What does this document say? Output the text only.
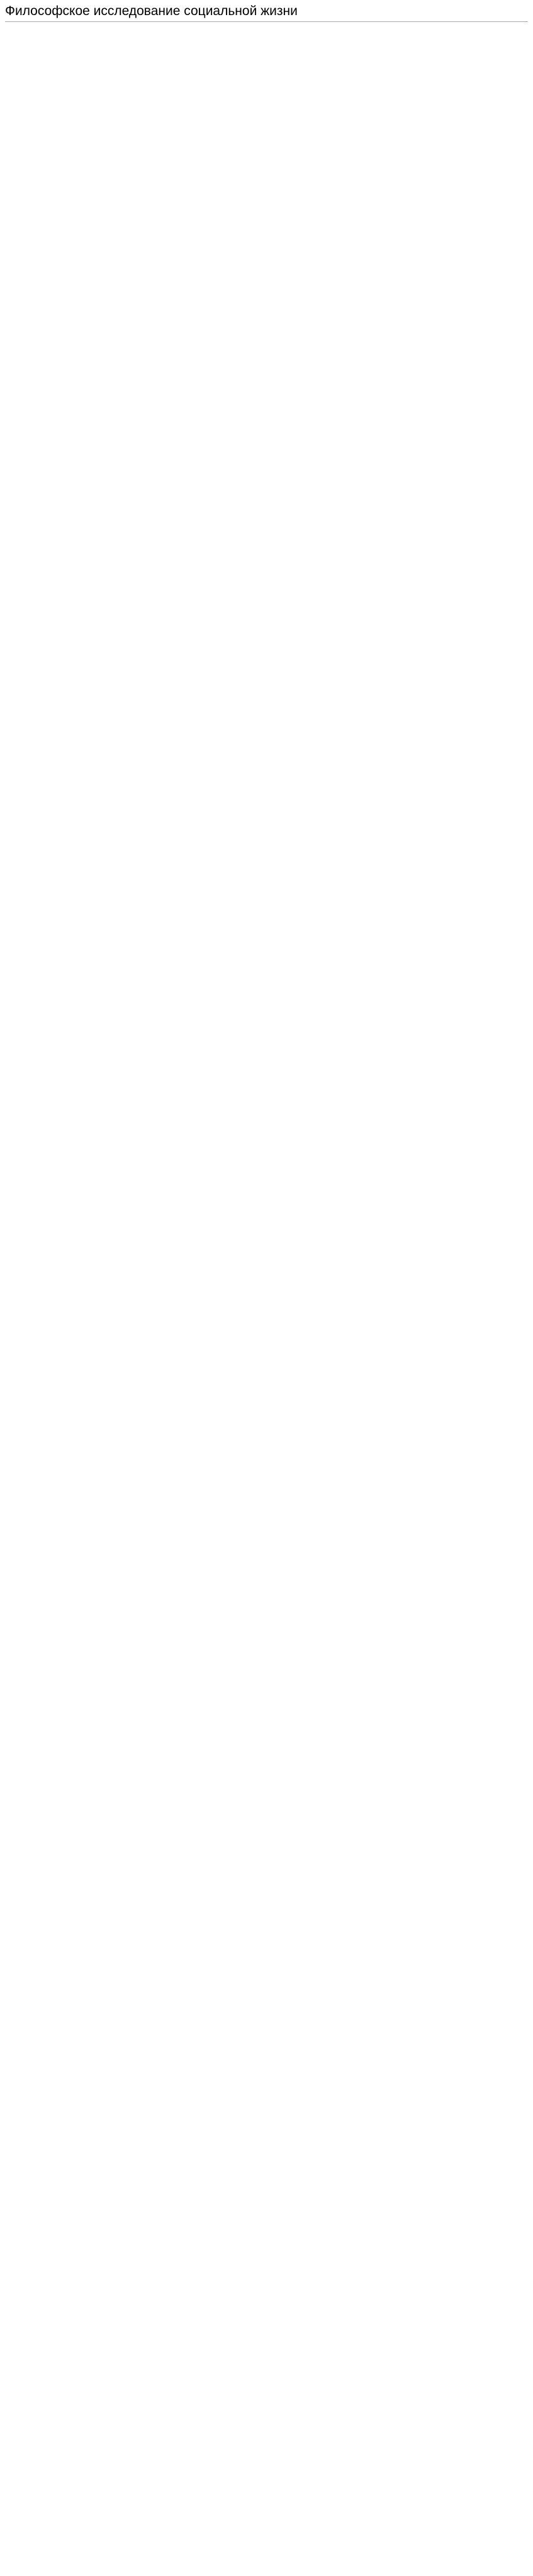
Философское исследование социальной жизни
